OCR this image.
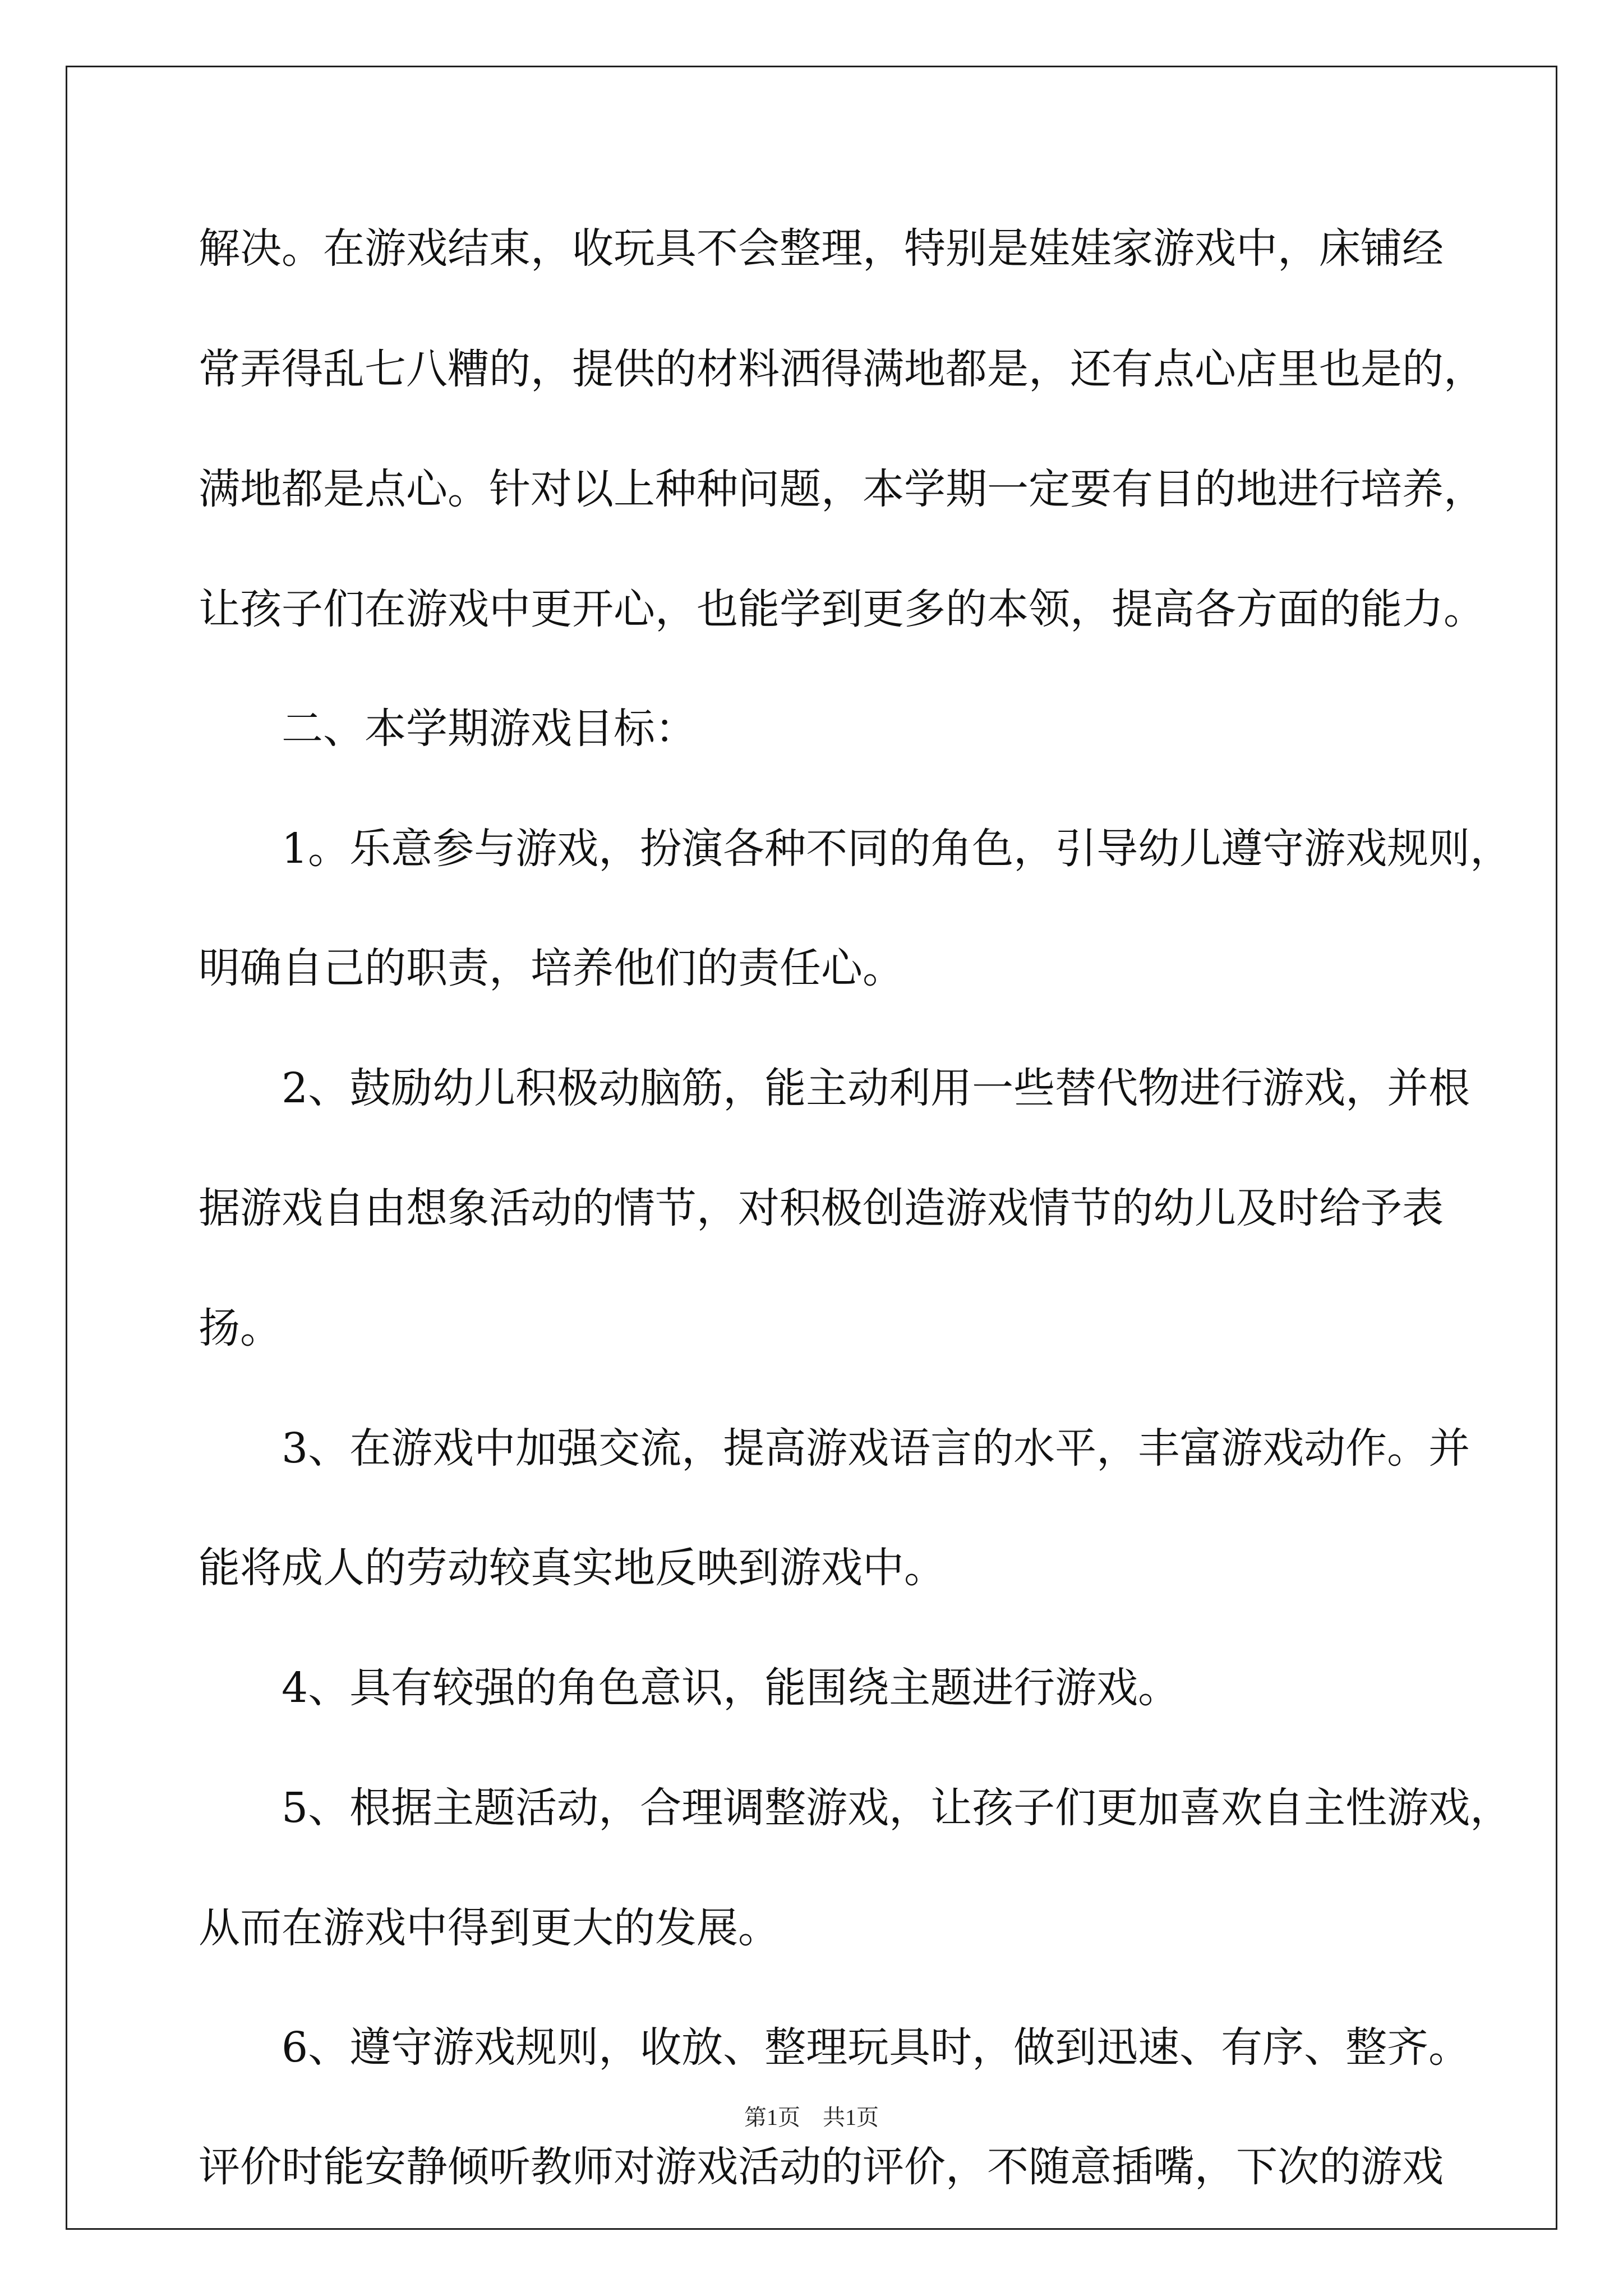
解决。在游戏结束，收玩具不会整理，特别是娃娃家游戏中，床铺经
常弄得乱七八糟的，提供的材料洒得满地都是，还有点心店里也是的，
满地都是点心。针对以上种种问题，本学期一定要有目的地进行培养，
让孩子们在游戏中更开心，也能学到更多的本领，提高各方面的能力。
　　二、本学期游戏目标：
　　1。乐意参与游戏，扮演各种不同的角色，引导幼儿遵守游戏规则，
明确自己的职责，培养他们的责任心。
　　2、鼓励幼儿积极动脑筋，能主动利用一些替代物进行游戏，并根
据游戏自由想象活动的情节，对积极创造游戏情节的幼儿及时给予表
扬。
　　3、在游戏中加强交流，提高游戏语言的水平，丰富游戏动作。并
能将成人的劳动较真实地反映到游戏中。
　　4、具有较强的角色意识，能围绕主题进行游戏。
　　5、根据主题活动，合理调整游戏，让孩子们更加喜欢自主性游戏，
从而在游戏中得到更大的发展。
　　6、遵守游戏规则，收放、整理玩具时，做到迅速、有序、整齐。
评价时能安静倾听教师对游戏活动的评价，不随意插嘴，下次的游戏
第1页　共1页
